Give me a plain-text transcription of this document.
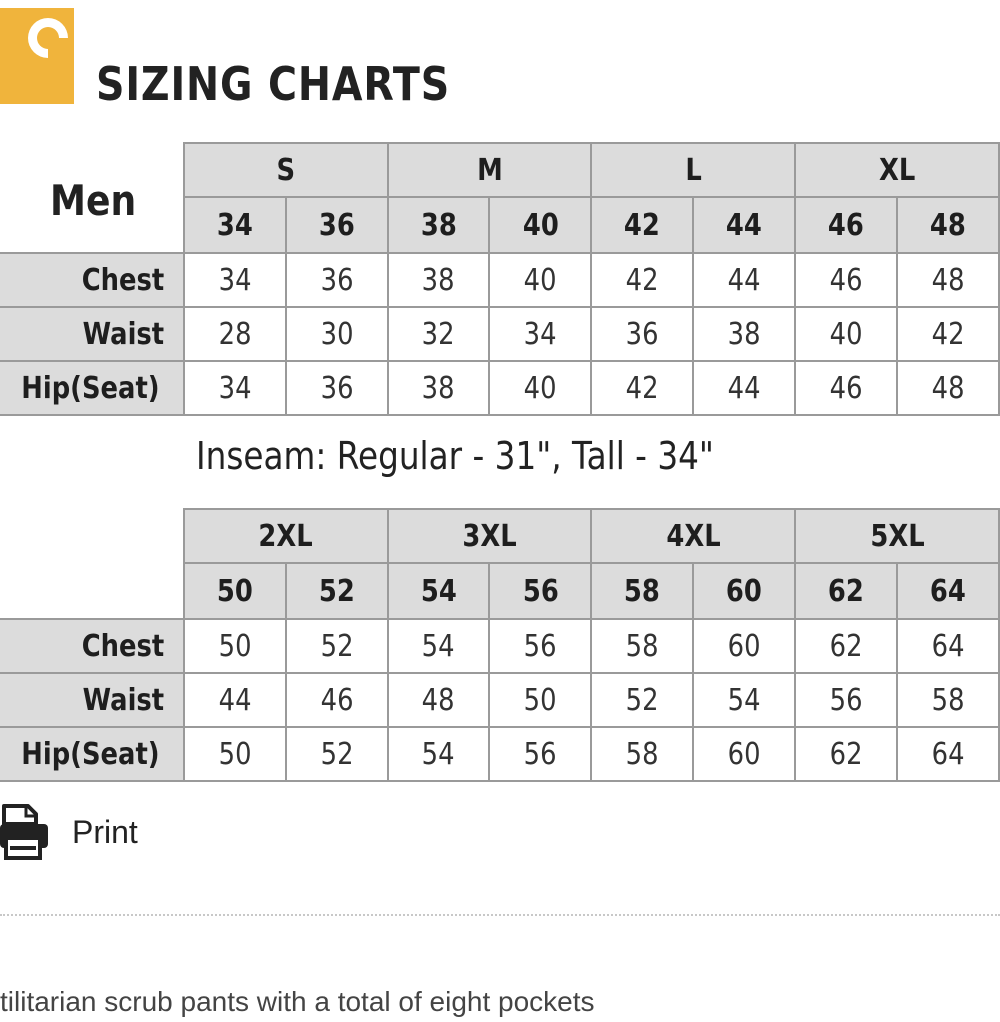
SIZING CHARTS
Men
	S		M		L		XL	
	34	36	38	40	42	44	46	48
Chest	34	36	38	40	42	44	46	48
Waist	28	30	32	34	36	38	40	42
Hip(Seat)	34	36	38	40	42	44	46	48
Inseam: Regular - 31", Tall - 34"
	2XL		3XL		4XL		5XL	
	50	52	54	56	58	60	62	64
Chest	50	52	54	56	58	60	62	64
Waist	44	46	48	50	52	54	56	58
Hip(Seat)	50	52	54	56	58	60	62	64
Print
tilitarian scrub pants with a total of eight pockets
